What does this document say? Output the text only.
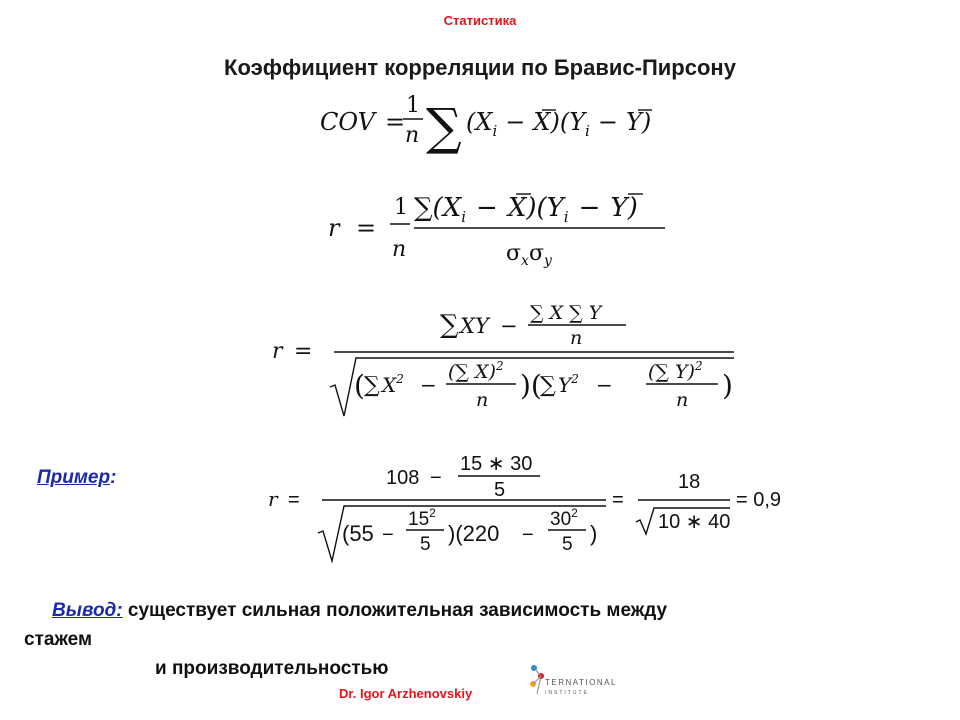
Статистика
Коэффициент корреляции по Бравис-Пирсону
COV =
1
n ∑ $(X_i - X)(Y_i - Y)$
r =
1
n
$\sum(X_i - X)(Y_i - Y)$
$\sigma_x\sigma_y$
r =
∑ XY −
∑ X ∑ Y
n
( ∑ $X^2$ −
(∑ X)$^2$
n )(
∑ $Y^2$ −
(∑ Y)$^2$
n )
Пример:
r =
108 −
15 ∗ 30
5
(55 −
$15^2$
5 )(220 −
$30^2$
5 )
=
18
10 ∗ 40
= 0,9
Вывод: существует сильная положительная зависимость между
стажем
и производительностью
TERNATIONAL
INSTITUTE
Dr. Igor Arzhenovskiy
